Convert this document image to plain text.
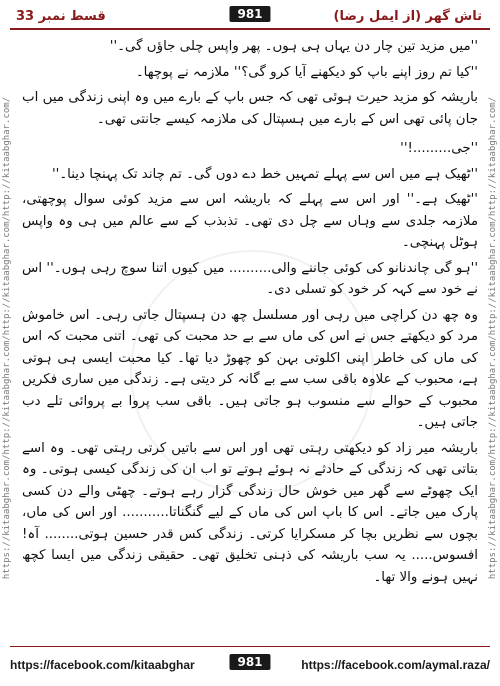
تاش گھر (از ایمل رضا)
981
قسط نمبر 33
https://kitaabghar.com/http://kitaabghar.com/http://kitaabghar.com/http://kitaabghar.com/	https://kitaabghar.com/http://kitaabghar.com/http://kitaabghar.com/http://kitaabghar.com/

''میں مزید تین چار دن یہاں ہی ہوں۔ پھر واپس چلی جاؤں گی۔''

''کیا تم روز اپنے باپ کو دیکھنے آیا کرو گی؟'' ملازمہ نے پوچھا۔

باریشہ کو مزید حیرت ہوئی تھی کہ جس باپ کے بارے میں وہ اپنی زندگی میں اب جان پائی تھی اس کے بارے میں ہسپتال کی ملازمہ کیسے جانتی تھی۔

''جی.........!''

''ٹھیک ہے میں اس سے پہلے تمہیں خط دے دوں گی۔ تم چاند تک پہنچا دینا۔''

''ٹھیک ہے۔'' اور اس سے پہلے کہ باریشہ اس سے مزید کوئی سوال پوچھتی، ملازمہ جلدی سے وہاں سے چل دی تھی۔ تذبذب کے سے عالم میں ہی وہ واپس ہوٹل پہنچی۔

''ہو گی چاندنانو کی کوئی جاننے والی.......... میں کیوں اتنا سوچ رہی ہوں۔'' اس نے خود سے کہہ کر خود کو تسلی دی۔

وہ چھ دن کراچی میں رہی اور مسلسل چھ دن ہسپتال جاتی رہی۔ اس خاموش مرد کو دیکھتے جس نے اس کی ماں سے بے حد محبت کی تھی۔ اتنی محبت کہ اس کی ماں کی خاطر اپنی اکلوتی بہن کو چھوڑ دیا تھا۔ کیا محبت ایسی ہی ہوتی ہے، محبوب کے علاوہ باقی سب سے بے گانہ کر دیتی ہے۔ زندگی میں ساری فکریں محبوب کے حوالے سے منسوب ہو جاتی ہیں۔ باقی سب پروا بے پروائی تلے دب جاتی ہیں۔

باریشہ میر زاد کو دیکھتی رہتی تھی اور اس سے باتیں کرتی رہتی تھی۔ وہ اسے بتاتی تھی کہ زندگی کے حادثے نہ ہوئے ہوتے تو اب ان کی زندگی کیسی ہوتی۔ وہ ایک چھوٹے سے گھر میں خوش حال زندگی گزار رہے ہوتے۔ چھٹی والے دن کسی پارک میں جاتے۔ اس کا باپ اس کی ماں کے لیے گنگناتا........... اور اس کی ماں، بچوں سے نظریں بچا کر مسکرایا کرتی۔ زندگی کس قدر حسین ہوتی........ آہ! افسوس..... یہ سب باریشہ کی ذہنی تخلیق تھی۔ حقیقی زندگی میں ایسا کچھ نہیں ہونے والا تھا۔

https://facebook.com/kitaabghar	981	https://facebook.com/aymal.raza/
